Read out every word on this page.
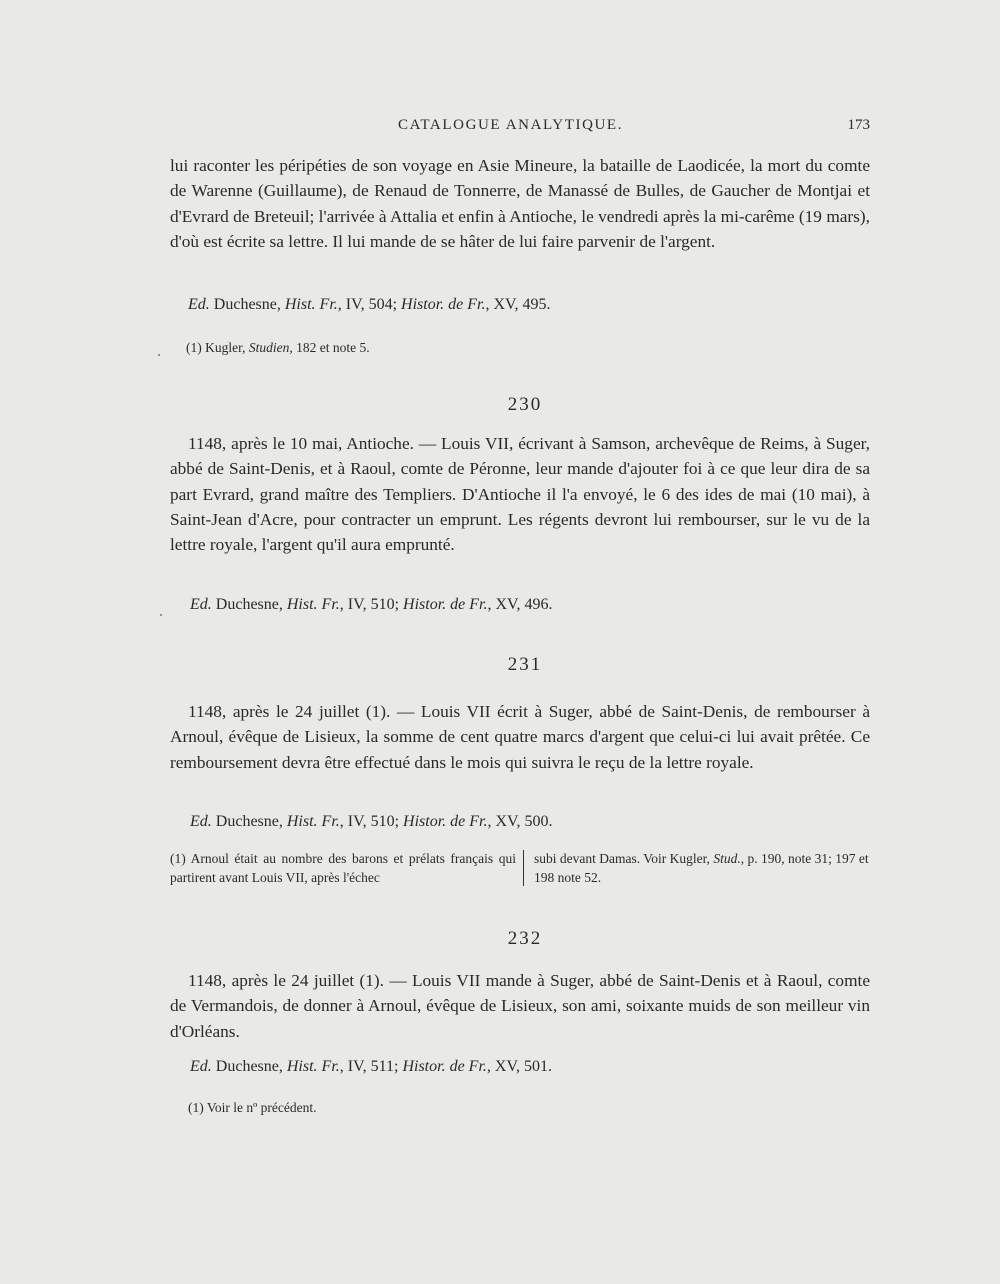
CATALOGUE ANALYTIQUE.	173

lui raconter les péripéties de son voyage en Asie Mineure, la bataille de Laodicée, la mort du comte de Warenne (Guillaume), de Renaud de Tonnerre, de Manassé de Bulles, de Gaucher de Montjai et d'Evrard de Breteuil; l'arrivée à Attalia et enfin à Antioche, le vendredi après la mi-carême (19 mars), d'où est écrite sa lettre. Il lui mande de se hâter de lui faire parvenir de l'argent.

Ed. Duchesne, Hist. Fr., IV, 504; Histor. de Fr., XV, 495.

(1) Kugler, Studien, 182 et note 5.

230

1148, après le 10 mai, Antioche. — Louis VII, écrivant à Samson, archevêque de Reims, à Suger, abbé de Saint-Denis, et à Raoul, comte de Péronne, leur mande d'ajouter foi à ce que leur dira de sa part Evrard, grand maître des Templiers. D'Antioche il l'a envoyé, le 6 des ides de mai (10 mai), à Saint-Jean d'Acre, pour contracter un emprunt. Les régents devront lui rembourser, sur le vu de la lettre royale, l'argent qu'il aura emprunté.

Ed. Duchesne, Hist. Fr., IV, 510; Histor. de Fr., XV, 496.

231

1148, après le 24 juillet (1). — Louis VII écrit à Suger, abbé de Saint-Denis, de rembourser à Arnoul, évêque de Lisieux, la somme de cent quatre marcs d'argent que celui-ci lui avait prêtée. Ce remboursement devra être effectué dans le mois qui suivra le reçu de la lettre royale.

Ed. Duchesne, Hist. Fr., IV, 510; Histor. de Fr., XV, 500.

(1) Arnoul était au nombre des barons et prélats français qui partirent avant Louis VII, après l'échec
subi devant Damas. Voir Kugler, Stud., p. 190, note 31; 197 et 198 note 52.

232

1148, après le 24 juillet (1). — Louis VII mande à Suger, abbé de Saint-Denis et à Raoul, comte de Vermandois, de donner à Arnoul, évêque de Lisieux, son ami, soixante muids de son meilleur vin d'Orléans.

Ed. Duchesne, Hist. Fr., IV, 511; Histor. de Fr., XV, 501.

(1) Voir le nº précédent.
